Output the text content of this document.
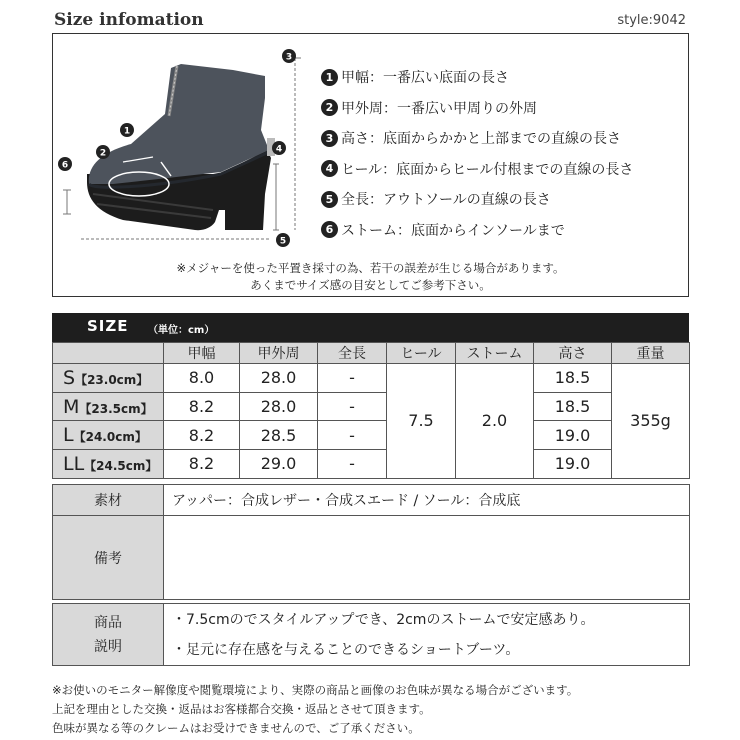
Size infomation	style:9042
1
2
3
4
5
6
1 甲幅：一番広い底面の長さ
2 甲外周：一番広い甲周りの外周
3 高さ：底面からかかと上部までの直線の長さ
4 ヒール：底面からヒール付根までの直線の長さ
5 全長：アウトソールの直線の長さ
6 ストーム：底面からインソールまで
※メジャーを使った平置き採寸の為、若干の誤差が生じる場合があります。
あくまでサイズ感の目安としてご参考下さい。
SIZE （単位：cm）
	甲幅	甲外周	全長	ヒール	ストーム	高さ	重量
S【23.0cm】	8.0	28.0	-	7.5	2.0	18.5	355g
M【23.5cm】	8.2	28.0	-			18.5	
L【24.0cm】	8.2	28.5	-			19.0	
LL【24.5cm】	8.2	29.0	-			19.0	
素材	アッパー：合成レザー・合成スエード / ソール：合成底
備考	
商品
説明

・7.5cmのでスタイルアップでき、2cmのストームで安定感あり。
・足元に存在感を与えることのできるショートブーツ。
※お使いのモニター解像度や閲覧環境により、実際の商品と画像のお色味が異なる場合がございます。
上記を理由とした交換・返品はお客様都合交換・返品とさせて頂きます。
色味が異なる等のクレームはお受けできませんので、ご了承ください。
